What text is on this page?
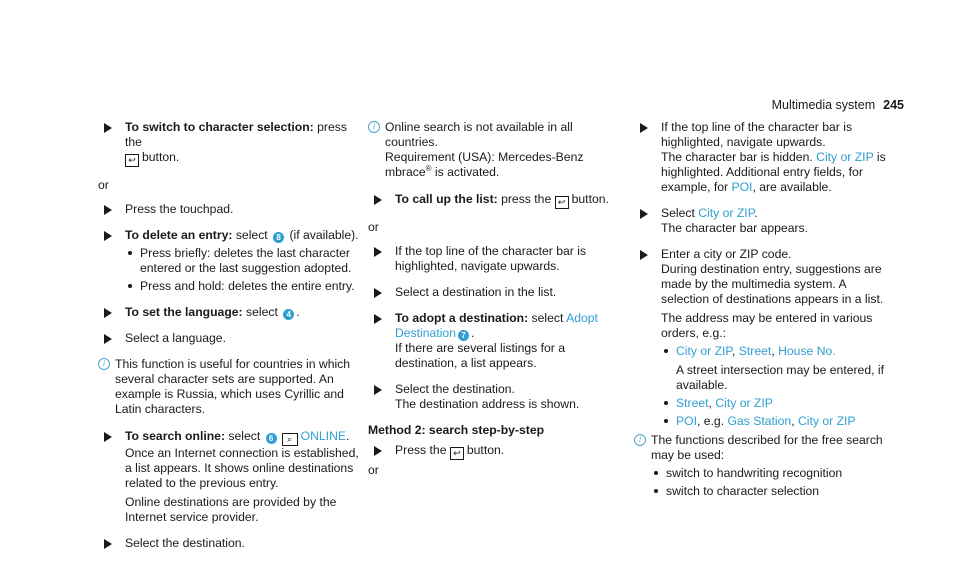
Multimedia system 245
To switch to character selection: press the
↩ button.
or
Press the touchpad.
To delete an entry: select 8 (if available).
Press briefly: deletes the last character entered or the last suggestion adopted.
Press and hold: deletes the entire entry.
To set the language: select 4 .
Select a language.
i This function is useful for countries in which several character sets are supported. An example is Russia, which uses Cyrillic and Latin characters.
To search online: select 6 ⌕ ONLINE.
Once an Internet connection is established, a list appears. It shows online destinations related to the previous entry.
Online destinations are provided by the Internet service provider.
Select the destination.
i Online search is not available in all countries.
Requirement (USA): Mercedes-Benz mbrace® is activated.
To call up the list: press the ↩ button.
or
If the top line of the character bar is highlighted, navigate upwards.
Select a destination in the list.
To adopt a destination: select Adopt Destination 7 .
If there are several listings for a destination, a list appears.
Select the destination.
The destination address is shown.
Method 2: search step-by-step
Press the ↩ button.
or
If the top line of the character bar is highlighted, navigate upwards.
The character bar is hidden. City or ZIP is highlighted. Additional entry fields, for example, for POI, are available.
Select City or ZIP.
The character bar appears.
Enter a city or ZIP code.
During destination entry, suggestions are made by the multimedia system. A selection of destinations appears in a list.
The address may be entered in various orders, e.g.:
City or ZIP, Street, House No.
A street intersection may be entered, if available.
Street, City or ZIP
POI, e.g. Gas Station, City or ZIP
i The functions described for the free search may be used:
switch to handwriting recognition
switch to character selection
